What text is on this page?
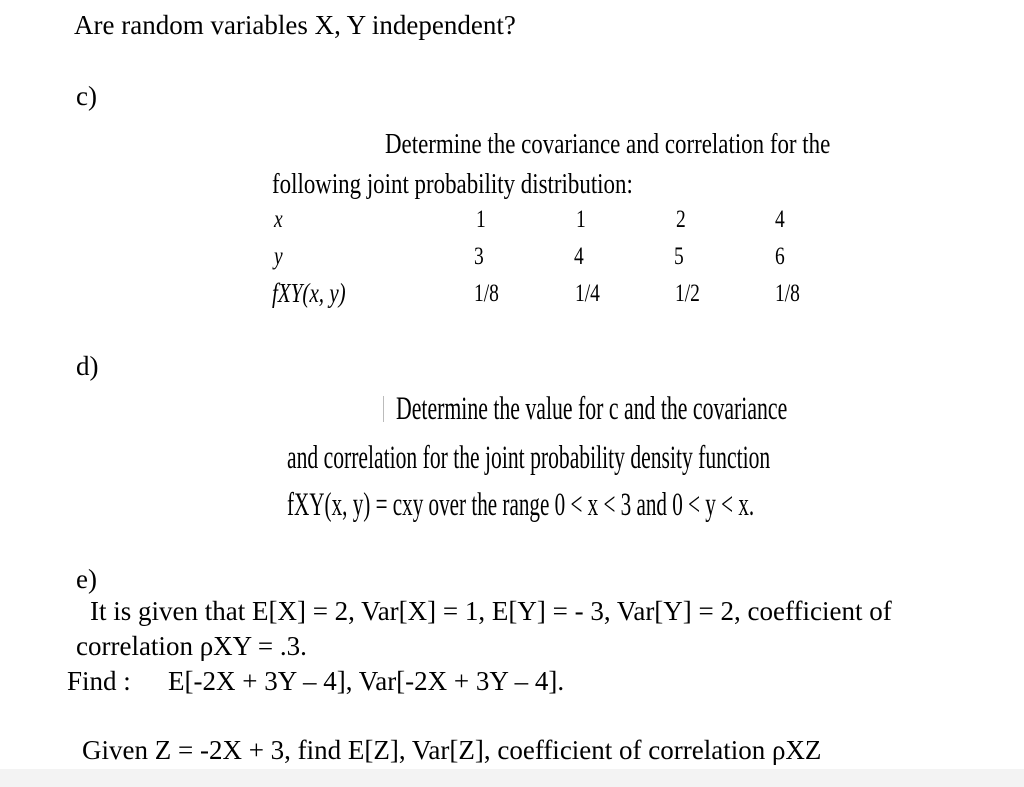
Are random variables X, Y independent?
c)
Determine the covariance and correlation for the
following joint probability distribution:
x	1	1	2	4
y	3	4	5	6
fXY(x, y)	1/8	1/4	1/2	1/8
d)
Determine the value for c and the covariance
and correlation for the joint probability density function
fXY(x, y) = cxy over the range 0 < x < 3 and 0 < y < x.
e)
It is given that E[X] = 2, Var[X] = 1, E[Y] = - 3, Var[Y] = 2, coefficient of
correlation ρXY = .3.
Find : E[-2X + 3Y – 4], Var[-2X + 3Y – 4].
Given Z = -2X + 3, find E[Z], Var[Z], coefficient of correlation ρXZ
